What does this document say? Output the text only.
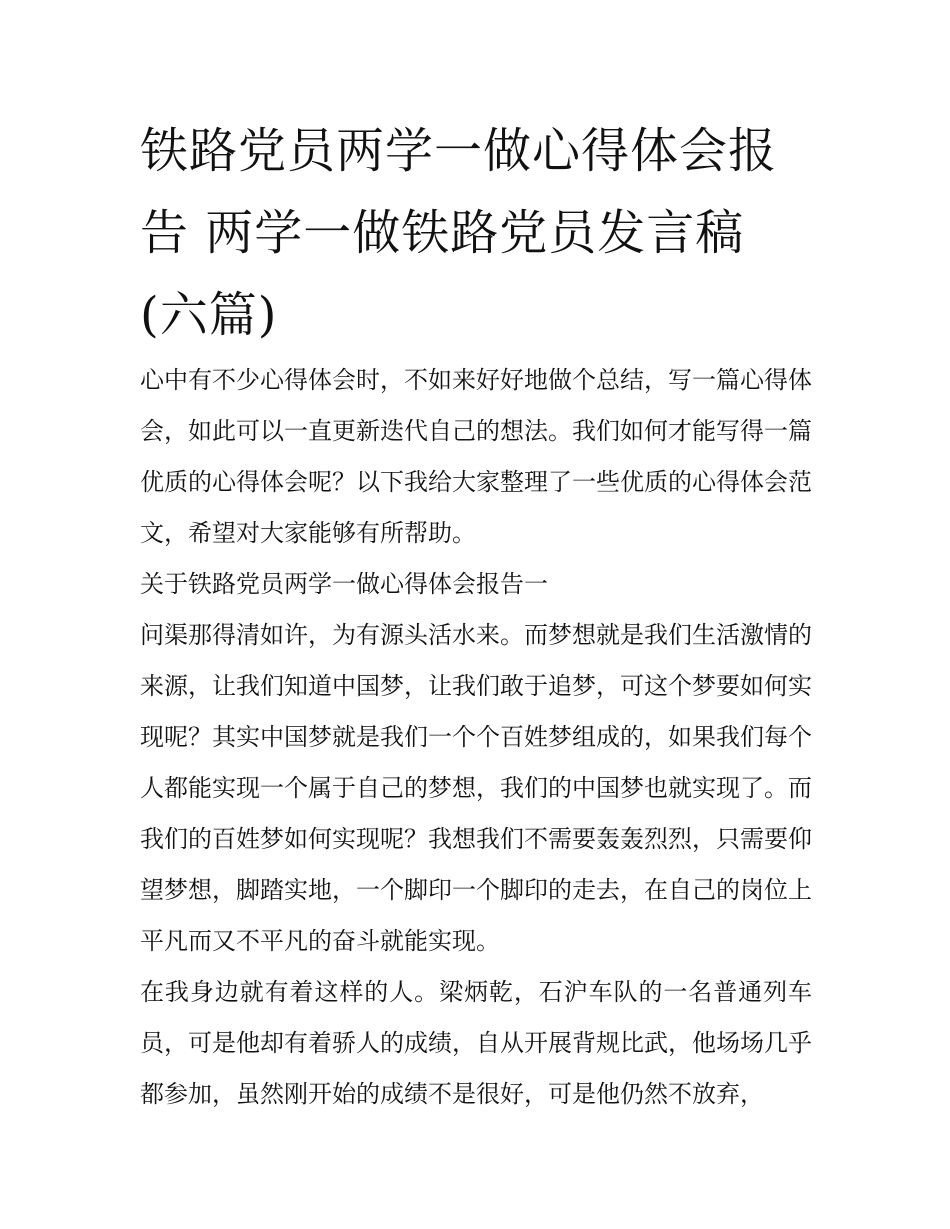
铁路党员两学一做心得体会报
告 两学一做铁路党员发言稿
(六篇)

心中有不少心得体会时，不如来好好地做个总结，写一篇心得体会，如此可以一直更新迭代自己的想法。我们如何才能写得一篇优质的心得体会呢？以下我给大家整理了一些优质的心得体会范文，希望对大家能够有所帮助。

关于铁路党员两学一做心得体会报告一

问渠那得清如许，为有源头活水来。而梦想就是我们生活激情的来源，让我们知道中国梦，让我们敢于追梦，可这个梦要如何实现呢？其实中国梦就是我们一个个百姓梦组成的，如果我们每个人都能实现一个属于自己的梦想，我们的中国梦也就实现了。而我们的百姓梦如何实现呢？我想我们不需要轰轰烈烈，只需要仰望梦想，脚踏实地，一个脚印一个脚印的走去，在自己的岗位上平凡而又不平凡的奋斗就能实现。

在我身边就有着这样的人。梁炳乾，石沪车队的一名普通列车员，可是他却有着骄人的成绩，自从开展背规比武，他场场几乎都参加，虽然刚开始的成绩不是很好，可是他仍然不放弃，
